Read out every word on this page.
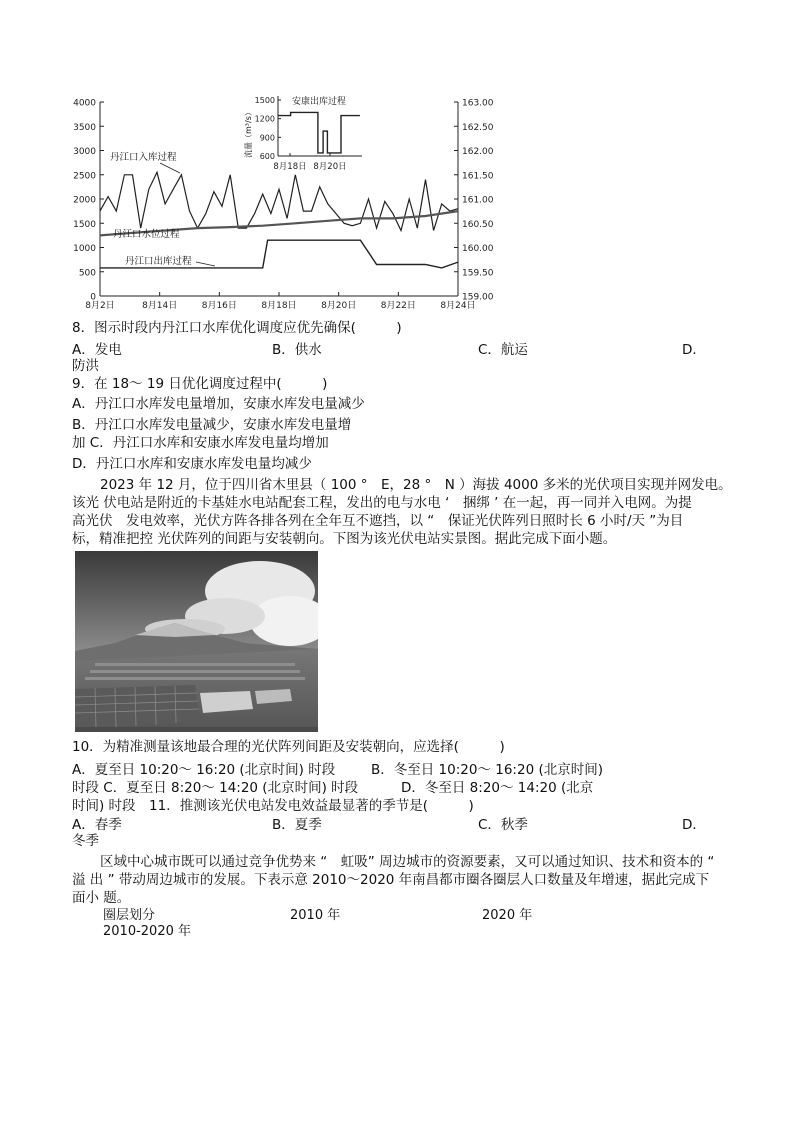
4000
3500
3000
2500
2000
1500
1000
500
0
163.00
162.50
162.00
161.50
161.00
160.50
160.00
159.50
159.00
8月2日	8月14日	8月16日	8月18日	8月20日	8月22日	8月24日
丹江口入库过程
丹江口水位过程
丹江口出库过程
1500
1200
900
600
8月18日 8月20日
安康出库过程
流量（m³/s）
8．图示时段内丹江口水库优化调度应优先确保(　　　)
A．发电	B．供水	C．航运	D．
防洪
9．在 18～ 19 日优化调度过程中(　　　)
A．丹江口水库发电量增加，安康水库发电量减少
B．丹江口水库发电量减少，安康水库发电量增
加 C．丹江口水库和安康水库发电量均增加
D．丹江口水库和安康水库发电量均减少
2023 年 12 月，位于四川省木里县（ 100 °　E，28 °　N ）海拔 4000 多米的光伏项目实现并网发电。
该光 伏电站是附近的卡基娃水电站配套工程，发出的电与水电 ‘　捆绑 ’ 在一起，再一同并入电网。为提
高光伏　发电效率，光伏方阵各排各列在全年互不遮挡，以 “　保证光伏阵列日照时长 6 小时/天 ”为目
标，精准把控 光伏阵列的间距与安装朝向。下图为该光伏电站实景图。据此完成下面小题。
10．为精准测量该地最合理的光伏阵列间距及安装朝向，应选择(　　　)
A．夏至日 10:20～ 16:20 (北京时间) 时段	B．冬至日 10:20～ 16:20 (北京时间)
时段 C．夏至日 8:20～ 14:20 (北京时间) 时段	D．冬至日 8:20～ 14:20 (北京
时间) 时段　11．推测该光伏电站发电效益最显著的季节是(　　　)
A．春季	B．夏季	C．秋季	D．
冬季
区域中心城市既可以通过竞争优势来 “　虹吸” 周边城市的资源要素，又可以通过知识、技术和资本的 “
溢 出 ” 带动周边城市的发展。下表示意 2010～2020 年南昌都市圈各圈层人口数量及年增速，据此完成下
面小 题。
圈层划分	2010 年	2020 年
2010-2020 年
